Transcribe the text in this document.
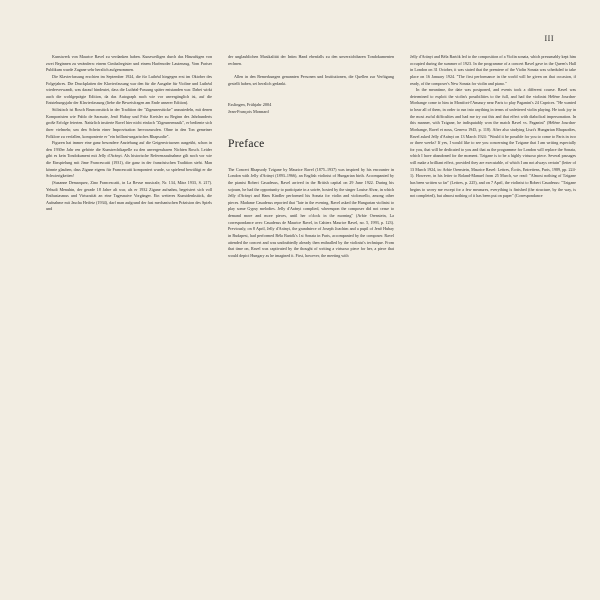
III

Kunstwerk von Maurice Ravel zu verdanken haben. Kunzweiligen durch das Hinzufügen von zwei Beginnen zu verändern: einem Cimbalregister und einem Harfenoder Lautenzug. Vom Pariser Publikum wurde Zugane sehr herzlich aufgenommen.

Die Klavierfassung erschien im September 1924, die für Luthéal hingegen erst im Oktober des Folgejahres. Die Druckplatten der Klavierfassung war den für die Ausgabe für Violine und Luthéal wiederverwandt, was darauf hindeutet, dass die Luthéal-Fassung später entstanden war. Dabei wirkt auch die wohlgeprägte Edition, da das Autograph nach wie vor unvergänglich ist, auf die Entstehungsjahr der Klavierfassung (liebe die Beweisfragen am Ende unserer Edition).

Stilistisch ist Rosch Brunconstück in der Tradition der "Zigeunerstücke" anzusiedeln, mit denen Komponisten wie Pablo de Sarasate, Jenő Hubay und Fritz Kreisler zu Beginn des Jahrhunderts große Erfolge feierten. Natürlich instierte Ravel hier nicht einfach "Zigeunermusik", er bediente sich ihrer vielmehr, um den Schein einer Improvisation hervorzurufen. Ohne in den Ton gemeiner Folklore zu verfallen, komponierte er "ein brillant-ungarisches Rhapsodie".

Figuren hat immer eine ganz besondere Anziehung auf die Geigenvirtuosen ausgeübt, schon in den 1930er Jahr ren gehörte die Kunstrechtkapelle zu den unvergessbaren Nichten Rosch. Leider gibt es kein Tondokument mit Jelly d'Arányi. Als historische Referenzaufnahme gilt noch vor wie die Einspielung mit Jime Francescatti (1931), die ganz in der französischen Tradition steht. Man könnte glauben, dass Zigane eigens für Francescatti komponiert wurde, so spielend bewältigt er die Schwierigkeiten!

(Suzanne Demarquez, Zino Francescatti, in La Revue musicale, Nr. 134, März 1933, S. 217). Yehudi Menuhin, der gerade 18 Jahre alt war, als er 1932 Zigane aufnahm, begeistert sich voll Enthusiasmus und Virtuosität an eine Tagesnaive Vorgänger. Ein weiteres Kunstdenkstück, die Aufnahme mit Jascha Heifetz (1934), darf man aufgrund der fast mechanischen Präzision des Spiels und

der unglaublichen Musikalität der Intim Hand ebenfalls zu den unverzichtbaren Tondokumenten rechnen.

Allen in den Bemerkungen genannten Personen und Institutionen, die Quellen zur Verfügung gestellt haben, sei herzlich gedankt.

Esslingen, Frühjahr 2004

Jean-François Monnard

Preface

The Concert Rhapsody Tzigane by Maurice Ravel (1875–1937) was inspired by his encounter in London with Jelly d'Arányi (1893–1966), an English violinist of Hungarian birth. Accompanied by the pianist Robert Casadesus, Ravel arrived in the British capital on 29 June 1922. During his sojourn, he had the opportunity to participate in a soirée, hosted by the singer Louise Alvar, in which Jelly d'Arányi and Hans Kindler performed his Sonata for violin and violoncello, among other pieces. Madame Casadesus reported that "late in the evening, Ravel asked the Hungarian violinist to play some Gypsy melodies. Jelly d'Arányi complied, whereupon the composer did not cease to demand more and more pieces, until her o'clock in the morning" (Arbie Orenstein, La correspondance avec Casadesus de Maurice Ravel, in Cahiers Maurice Ravel, no. 5, 1993, p. 123). Previously, on 8 April, Jelly d'Arányi, the grandniece of Joseph Joachim and a pupil of Jenő Hubay in Budapest, had performed Béla Bartók's 1st Sonata in Paris, accompanied by the composer. Ravel attended the concert and was undoubtedly already then enthralled by the violinist's technique. From that time on, Ravel was captivated by the thought of writing a virtuoso piece for her, a piece that would depict Hungary as he imagined it. First, however, the meeting with

Jelly d'Arányi and Béla Bartók led to the composition of a Violin sonata, which presumably kept him occupied during the summer of 1923. In the programme of a concert Ravel gave in the Queen's Hall in London on 31 October, it was stated that the premiere of the Violin Sonata was scheduled to take place on 16 January 1924. "The first performance in the world will be given on that occasion, if ready, of the composer's New Sonata for violin and piano."

In the meantime, the date was postponed, and events took a different course. Ravel was determined to exploit the violin's possibilities to the full, and had the violinist Hélène Jourdan-Morhange come to him in Montfort-l'Amaury near Paris to play Paganini's 24 Caprices. "He wanted to hear all of them, in order to run into anything in terms of unfettered violin playing. He took joy in the most awful difficulties and had me try out this and that effect with diabolical impersonation. In this manner, with Tzigane, he indisputably won the match Ravel vs. Paganini" (Hélène Jourdan-Morhange, Ravel et nous, Geneva 1945, p. 118). After also studying Liszt's Hungarian Rhapsodies, Ravel asked Jelly d'Arányi on 13 March 1924: "Would it be possible for you to come to Paris in two or three weeks? If yes, I would like to see you concerning the Tzigane that I am writing especially for you, that will be dedicated to you and that as the programme for London will replace the Sonata, which I have abandoned for the moment. Tzigane is to be a highly virtuoso piece. Several passages will make a brilliant effect, provided they are executable, of which I am not always certain" (letter of 13 March 1924, in: Arbie Orenstein, Maurice Ravel: Lettres, Écrits, Entretiens, Paris, 1989, pp. 224-1). However, in his letter to Roland-Manuel from 25 March, we read: "Almost nothing of Tzigane has been written so far" (Lettres, p. 225), and on 7 April, the violinist to Robert Casadesus: "Tzigane begins to worry me except for a few measures, everything is finished (the structure, by the way, is not completed), but almost nothing of it has been put on paper" (Correspondance
